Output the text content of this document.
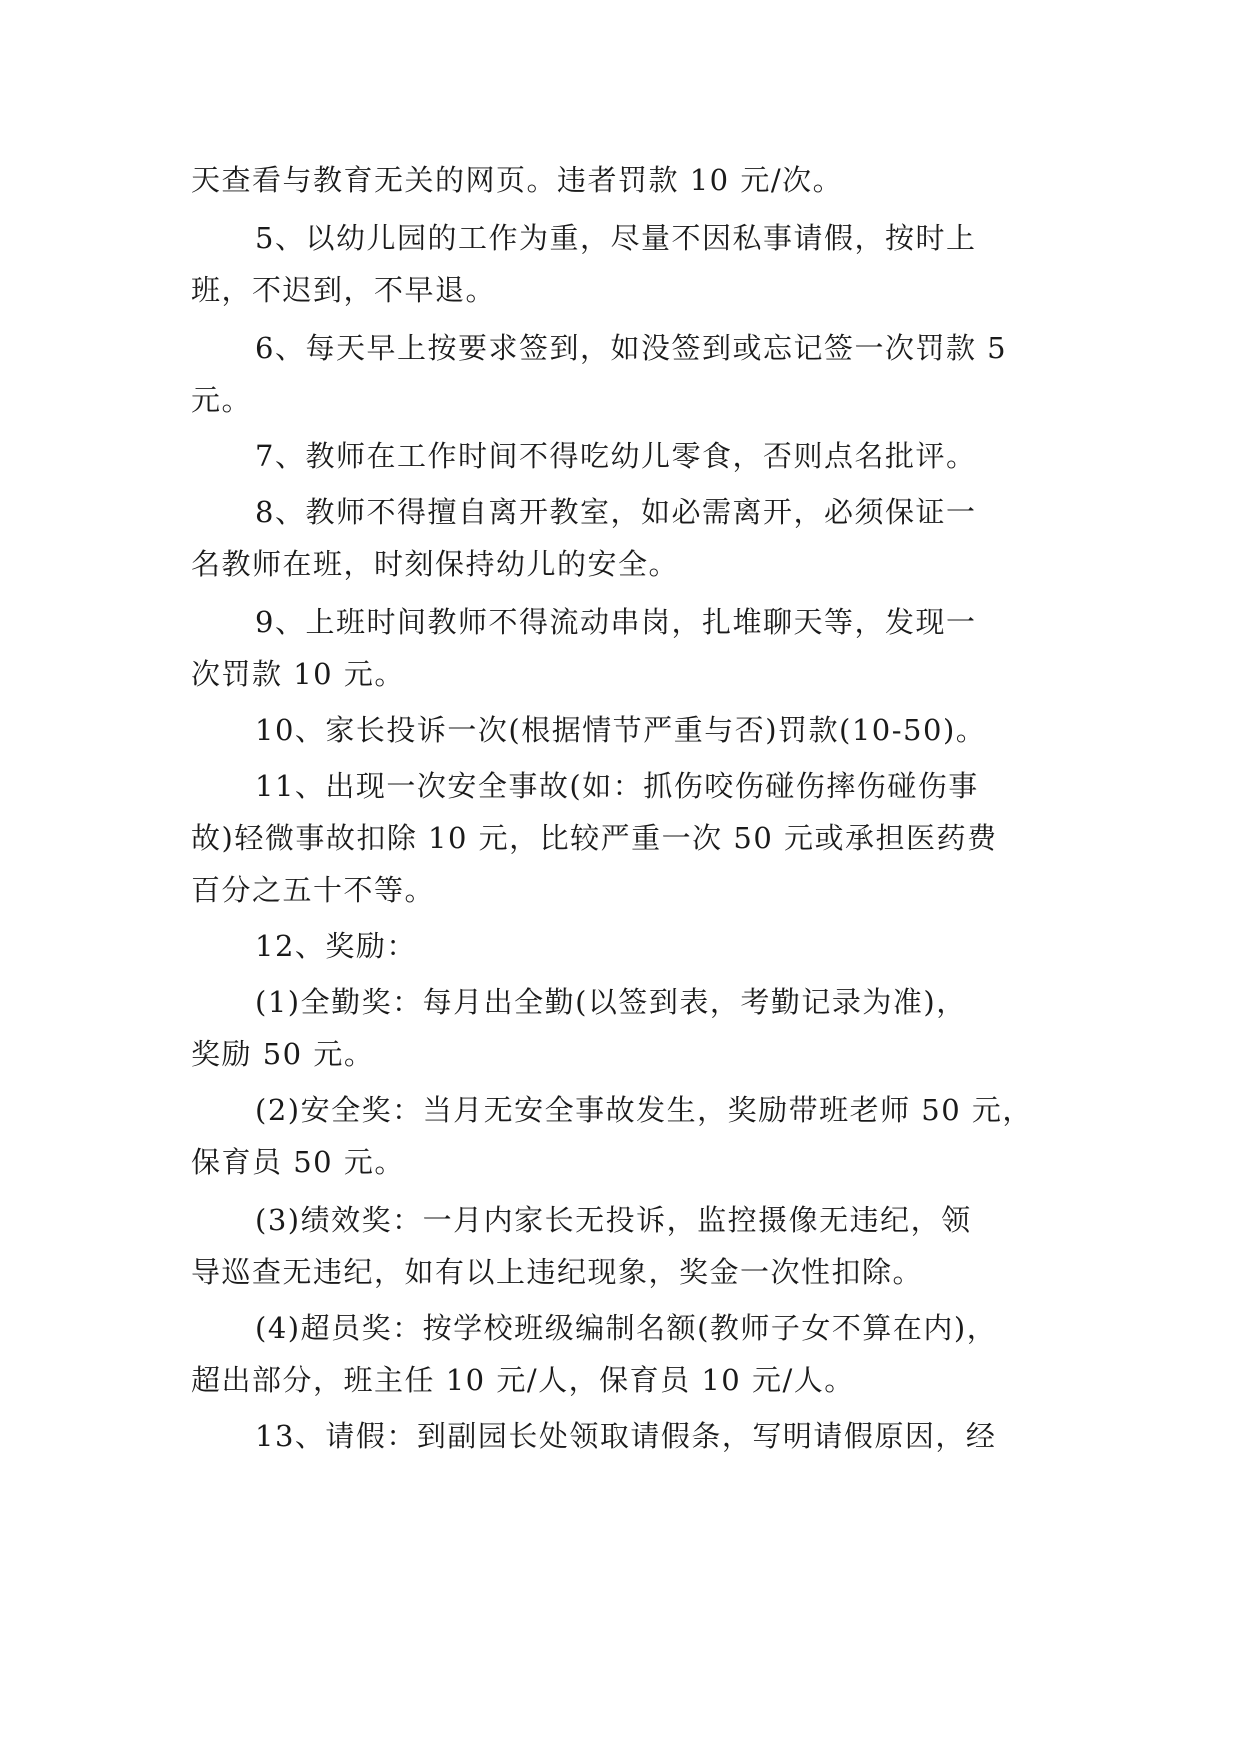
天查看与教育无关的网页。违者罚款 10 元/次。
5、以幼儿园的工作为重，尽量不因私事请假，按时上
班，不迟到，不早退。
6、每天早上按要求签到，如没签到或忘记签一次罚款 5
元。
7、教师在工作时间不得吃幼儿零食，否则点名批评。
8、教师不得擅自离开教室，如必需离开，必须保证一
名教师在班，时刻保持幼儿的安全。
9、上班时间教师不得流动串岗，扎堆聊天等，发现一
次罚款 10 元。
10、家长投诉一次(根据情节严重与否)罚款(10-50)。
11、出现一次安全事故(如：抓伤咬伤碰伤摔伤碰伤事
故)轻微事故扣除 10 元，比较严重一次 50 元或承担医药费
百分之五十不等。
12、奖励：
(1)全勤奖：每月出全勤(以签到表，考勤记录为准)，
奖励 50 元。
(2)安全奖：当月无安全事故发生，奖励带班老师 50 元，
保育员 50 元。
(3)绩效奖：一月内家长无投诉，监控摄像无违纪，领
导巡查无违纪，如有以上违纪现象，奖金一次性扣除。
(4)超员奖：按学校班级编制名额(教师子女不算在内)，
超出部分，班主任 10 元/人，保育员 10 元/人。
13、请假：到副园长处领取请假条，写明请假原因，经
